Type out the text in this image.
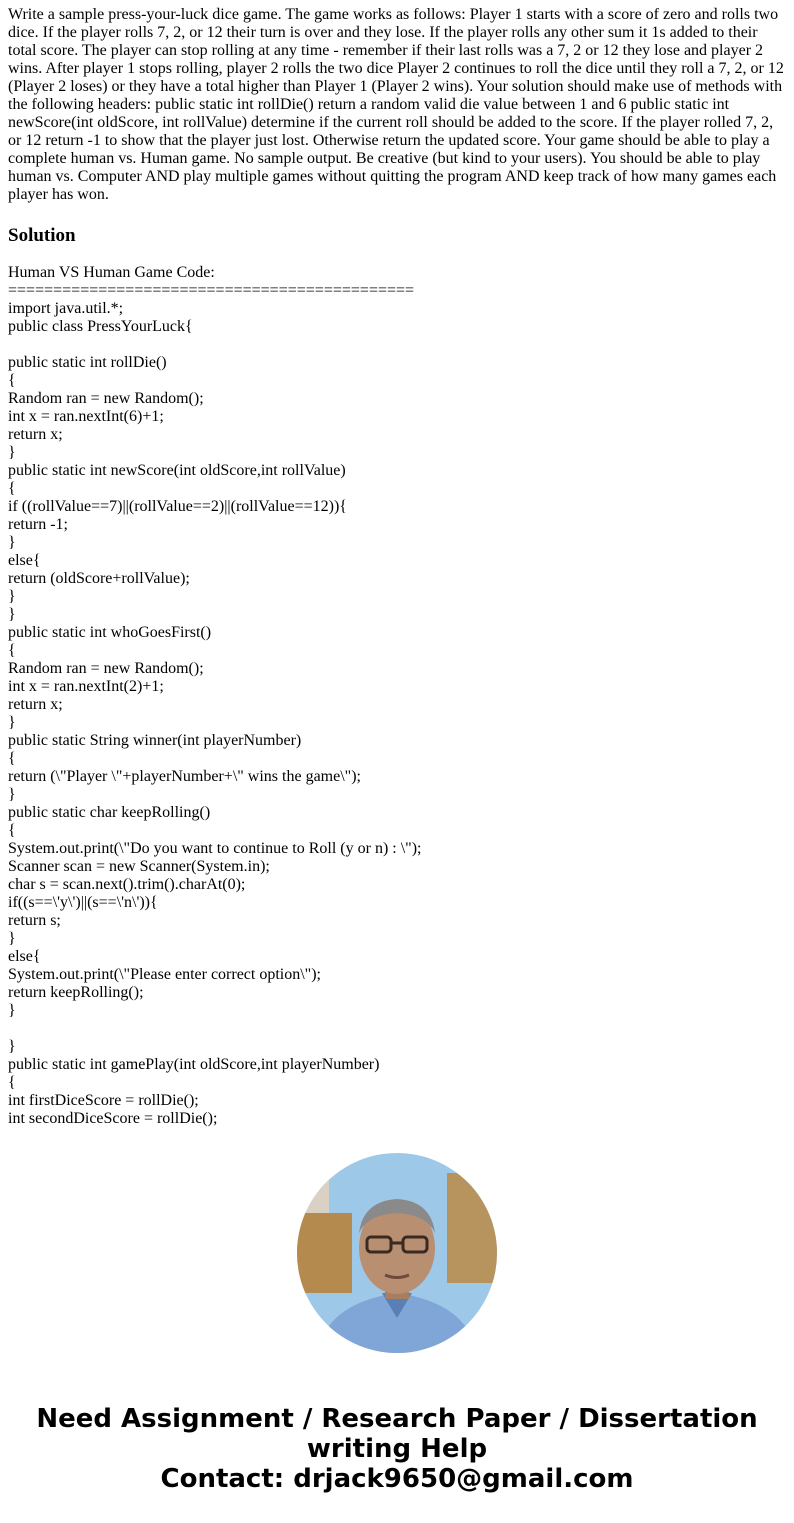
Write a sample press-your-luck dice game. The game works as follows: Player 1 starts with a score of zero and rolls two dice. If the player rolls 7, 2, or 12 their turn is over and they lose. If the player rolls any other sum it 1s added to their total score. The player can stop rolling at any time - remember if their last rolls was a 7, 2 or 12 they lose and player 2 wins. After player 1 stops rolling, player 2 rolls the two dice Player 2 continues to roll the dice until they roll a 7, 2, or 12 (Player 2 loses) or they have a total higher than Player 1 (Player 2 wins). Your solution should make use of methods with the following headers: public static int rollDie() return a random valid die value between 1 and 6 public static int newScore(int oldScore, int rollValue) determine if the current roll should be added to the score. If the player rolled 7, 2, or 12 return -1 to show that the player just lost. Otherwise return the updated score. Your game should be able to play a complete human vs. Human game. No sample output. Be creative (but kind to your users). You should be able to play human vs. Computer AND play multiple games without quitting the program AND keep track of how many games each player has won.

Solution
Human VS Human Game Code:
=============================================
import java.util.*;
public class PressYourLuck{
public static int rollDie()
{
Random ran = new Random();
int x = ran.nextInt(6)+1;
return x;
}
public static int newScore(int oldScore,int rollValue)
{
if ((rollValue==7)||(rollValue==2)||(rollValue==12)){
return -1;
}
else{
return (oldScore+rollValue);
}
}
public static int whoGoesFirst()
{
Random ran = new Random();
int x = ran.nextInt(2)+1;
return x;
}
public static String winner(int playerNumber)
{
return (\"Player \"+playerNumber+\" wins the game\");
}
public static char keepRolling()
{
System.out.print(\"Do you want to continue to Roll (y or n) : \");
Scanner scan = new Scanner(System.in);
char s = scan.next().trim().charAt(0);
if((s==\'y\')||(s==\'n\')){
return s;
}
else{
System.out.print(\"Please enter correct option\");
return keepRolling();
}
}
public static int gamePlay(int oldScore,int playerNumber)
{
int firstDiceScore = rollDie();
int secondDiceScore = rollDie();
Need Assignment / Research Paper / Dissertation
writing Help
Contact: drjack9650@gmail.com
